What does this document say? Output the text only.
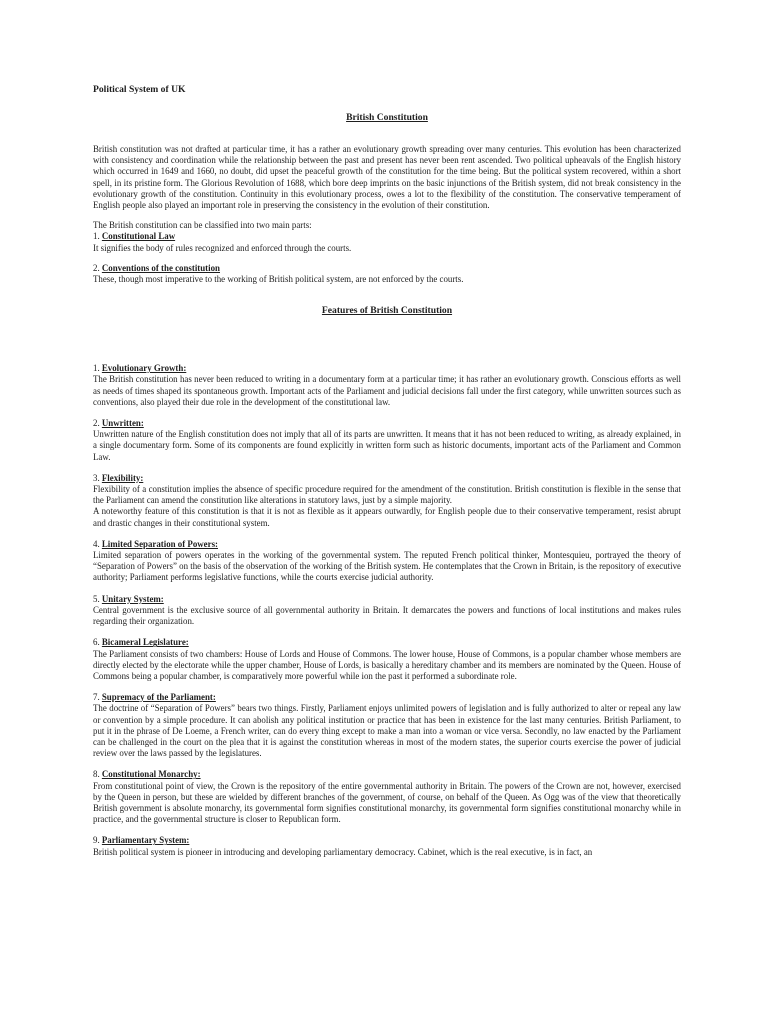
Political System of UK

British Constitution

British constitution was not drafted at particular time, it has a rather an evolutionary growth spreading over many centuries. This evolution has been characterized with consistency and coordination while the relationship between the past and present has never been rent ascended. Two political upheavals of the English history which occurred in 1649 and 1660, no doubt, did upset the peaceful growth of the constitution for the time being. But the political system recovered, within a short spell, in its pristine form. The Glorious Revolution of 1688, which bore deep imprints on the basic injunctions of the British system, did not break consistency in the evolutionary growth of the constitution. Continuity in this evolutionary process, owes a lot to the flexibility of the constitution. The conservative temperament of English people also played an important role in preserving the consistency in the evolution of their constitution.

The British constitution can be classified into two main parts:

1. Constitutional Law

It signifies the body of rules recognized and enforced through the courts.

2. Conventions of the constitution

These, though most imperative to the working of British political system, are not enforced by the courts.

Features of British Constitution

1. Evolutionary Growth:

The British constitution has never been reduced to writing in a documentary form at a particular time; it has rather an evolutionary growth. Conscious efforts as well as needs of times shaped its spontaneous growth. Important acts of the Parliament and judicial decisions fall under the first category, while unwritten sources such as conventions, also played their due role in the development of the constitutional law.

2. Unwritten:

Unwritten nature of the English constitution does not imply that all of its parts are unwritten. It means that it has not been reduced to writing, as already explained, in a single documentary form. Some of its components are found explicitly in written form such as historic documents, important acts of the Parliament and Common Law.

3. Flexibility:

Flexibility of a constitution implies the absence of specific procedure required for the amendment of the constitution. British constitution is flexible in the sense that the Parliament can amend the constitution like alterations in statutory laws, just by a simple majority.

A noteworthy feature of this constitution is that it is not as flexible as it appears outwardly, for English people due to their conservative temperament, resist abrupt and drastic changes in their constitutional system.

4. Limited Separation of Powers:

Limited separation of powers operates in the working of the governmental system. The reputed French political thinker, Montesquieu, portrayed the theory of “Separation of Powers” on the basis of the observation of the working of the British system. He contemplates that the Crown in Britain, is the repository of executive authority; Parliament performs legislative functions, while the courts exercise judicial authority.

5. Unitary System:

Central government is the exclusive source of all governmental authority in Britain. It demarcates the powers and functions of local institutions and makes rules regarding their organization.

6. Bicameral Legislature:

The Parliament consists of two chambers: House of Lords and House of Commons. The lower house, House of Commons, is a popular chamber whose members are directly elected by the electorate while the upper chamber, House of Lords, is basically a hereditary chamber and its members are nominated by the Queen. House of Commons being a popular chamber, is comparatively more powerful while ion the past it performed a subordinate role.

7. Supremacy of the Parliament:

The doctrine of “Separation of Powers” bears two things. Firstly, Parliament enjoys unlimited powers of legislation and is fully authorized to alter or repeal any law or convention by a simple procedure. It can abolish any political institution or practice that has been in existence for the last many centuries. British Parliament, to put it in the phrase of De Loeme, a French writer, can do every thing except to make a man into a woman or vice versa. Secondly, no law enacted by the Parliament can be challenged in the court on the plea that it is against the constitution whereas in most of the modern states, the superior courts exercise the power of judicial review over the laws passed by the legislatures.

8. Constitutional Monarchy:

From constitutional point of view, the Crown is the repository of the entire governmental authority in Britain. The powers of the Crown are not, however, exercised by the Queen in person, but these are wielded by different branches of the government, of course, on behalf of the Queen. As Ogg was of the view that theoretically British government is absolute monarchy, its governmental form signifies constitutional monarchy, its governmental form signifies constitutional monarchy while in practice, and the governmental structure is closer to Republican form.

9. Parliamentary System:

British political system is pioneer in introducing and developing parliamentary democracy. Cabinet, which is the real executive, is in fact, an
